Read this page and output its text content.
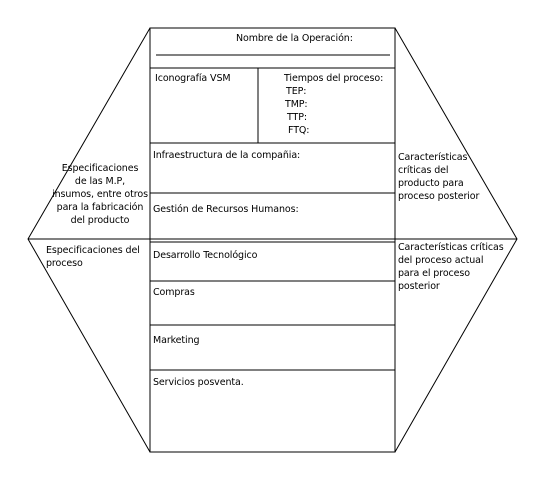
Nombre de la Operación:
Iconografía VSM	Tiempos del proceso:
TEP:
TMP:
TTP:
FTQ:
Infraestructura de la compañia:
Gestión de Recursos Humanos:
Desarrollo Tecnológico
Compras
Marketing
Servicios posventa.
Especificaciones
de las M.P,
insumos, entre otros
para la fabricación
del producto
Especificaciones del
proceso
Características
críticas del
producto para
proceso posterior
Características críticas
del proceso actual
para el proceso
posterior
